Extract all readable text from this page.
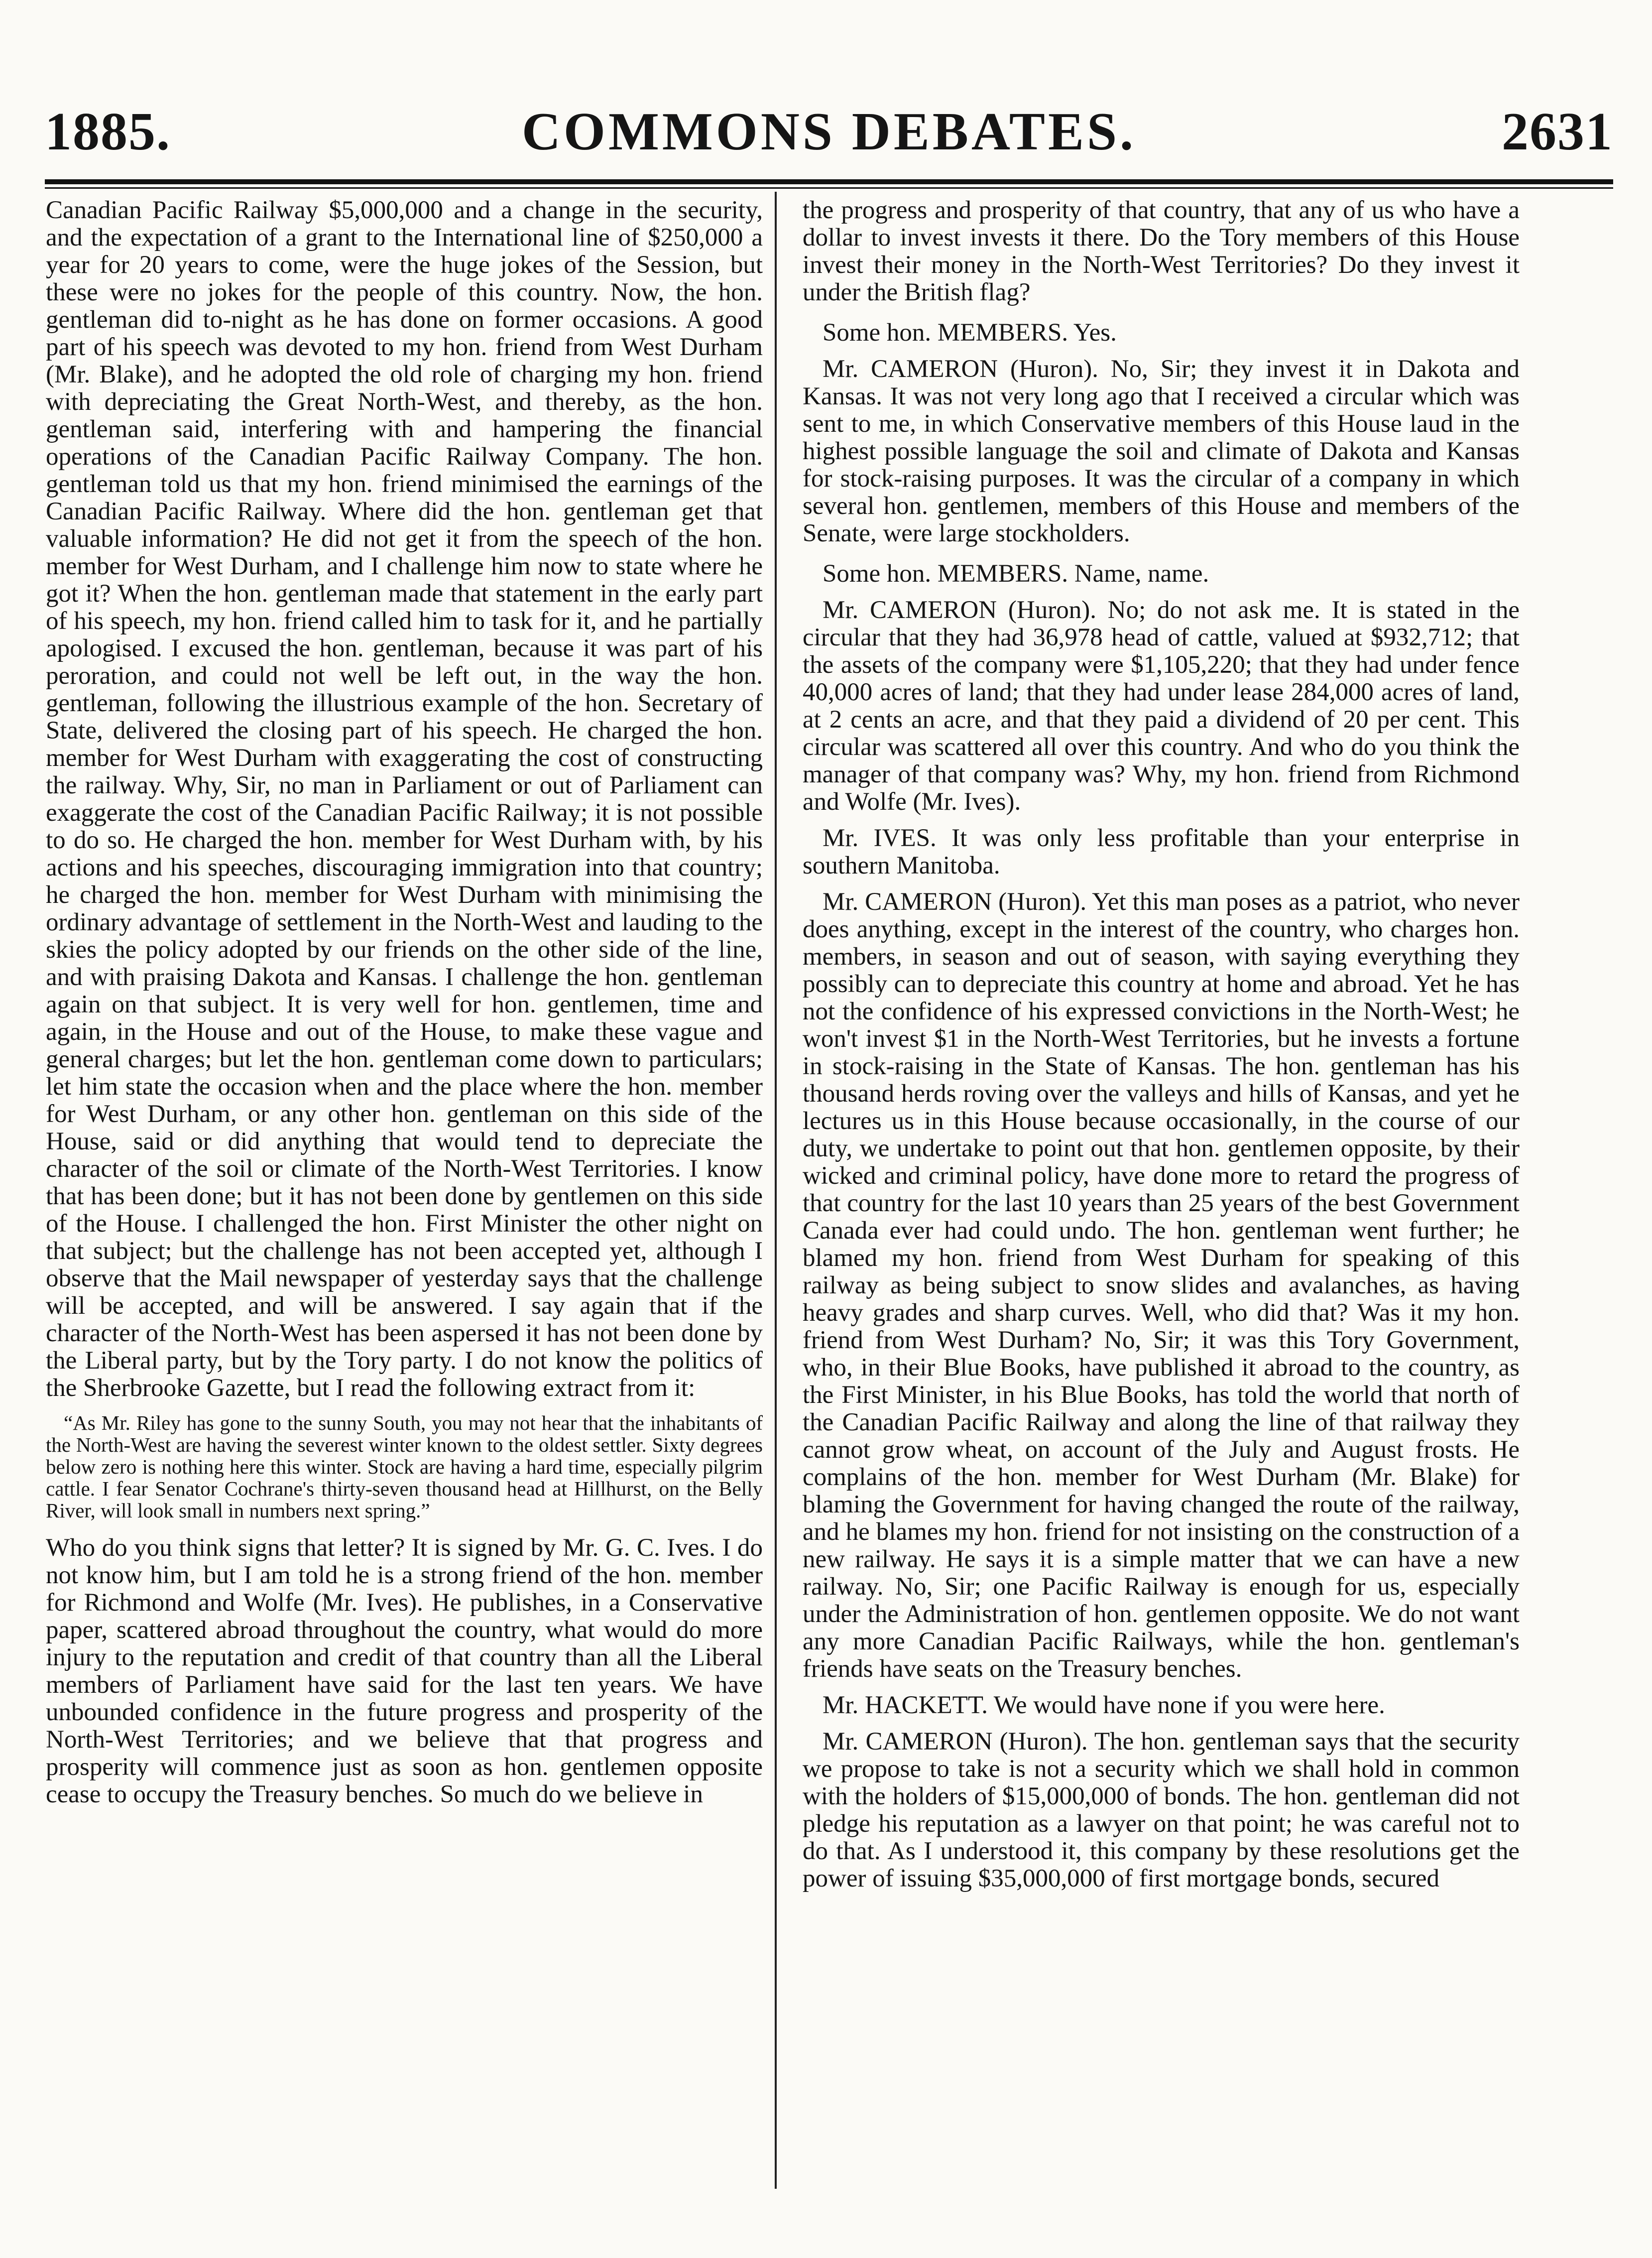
COMMONS DEBATES.
1885.	2631

Canadian Pacific Railway $5,000,000 and a change in the security, and the expectation of a grant to the International line of $250,000 a year for 20 years to come, were the huge jokes of the Session, but these were no jokes for the people of this country. Now, the hon. gentleman did to-night as he has done on former occasions. A good part of his speech was devoted to my hon. friend from West Durham (Mr. Blake), and he adopted the old role of charging my hon. friend with depreciating the Great North-West, and thereby, as the hon. gentleman said, interfering with and hampering the financial operations of the Canadian Pacific Railway Company. The hon. gentleman told us that my hon. friend minimised the earnings of the Canadian Pacific Railway. Where did the hon. gentleman get that valuable information? He did not get it from the speech of the hon. member for West Durham, and I challenge him now to state where he got it? When the hon. gentleman made that statement in the early part of his speech, my hon. friend called him to task for it, and he partially apologised. I excused the hon. gentleman, because it was part of his peroration, and could not well be left out, in the way the hon. gentleman, following the illustrious example of the hon. Secretary of State, delivered the closing part of his speech. He charged the hon. member for West Durham with exaggerating the cost of constructing the railway. Why, Sir, no man in Parliament or out of Parliament can exaggerate the cost of the Canadian Pacific Railway; it is not possible to do so. He charged the hon. member for West Durham with, by his actions and his speeches, discouraging immigration into that country; he charged the hon. member for West Durham with minimising the ordinary advantage of settlement in the North-West and lauding to the skies the policy adopted by our friends on the other side of the line, and with praising Dakota and Kansas. I challenge the hon. gentleman again on that subject. It is very well for hon. gentlemen, time and again, in the House and out of the House, to make these vague and general charges; but let the hon. gentleman come down to particulars; let him state the occasion when and the place where the hon. member for West Durham, or any other hon. gentleman on this side of the House, said or did anything that would tend to depreciate the character of the soil or climate of the North-West Territories. I know that has been done; but it has not been done by gentlemen on this side of the House. I challenged the hon. First Minister the other night on that subject; but the challenge has not been accepted yet, although I observe that the Mail newspaper of yesterday says that the challenge will be accepted, and will be answered. I say again that if the character of the North-West has been aspersed it has not been done by the Liberal party, but by the Tory party. I do not know the politics of the Sherbrooke Gazette, but I read the following extract from it:

“As Mr. Riley has gone to the sunny South, you may not hear that the inhabitants of the North-West are having the severest winter known to the oldest settler. Sixty degrees below zero is nothing here this winter. Stock are having a hard time, especially pilgrim cattle. I fear Senator Cochrane's thirty-seven thousand head at Hillhurst, on the Belly River, will look small in numbers next spring.”

Who do you think signs that letter? It is signed by Mr. G. C. Ives. I do not know him, but I am told he is a strong friend of the hon. member for Richmond and Wolfe (Mr. Ives). He publishes, in a Conservative paper, scattered abroad throughout the country, what would do more injury to the reputation and credit of that country than all the Liberal members of Parliament have said for the last ten years. We have unbounded confidence in the future progress and prosperity of the North-West Territories; and we believe that that progress and prosperity will commence just as soon as hon. gentlemen opposite cease to occupy the Treasury benches. So much do we believe in

the progress and prosperity of that country, that any of us who have a dollar to invest invests it there. Do the Tory members of this House invest their money in the North-West Territories? Do they invest it under the British flag?

Some hon. MEMBERS. Yes.

Mr. CAMERON (Huron). No, Sir; they invest it in Dakota and Kansas. It was not very long ago that I received a circular which was sent to me, in which Conservative members of this House laud in the highest possible language the soil and climate of Dakota and Kansas for stock-raising purposes. It was the circular of a company in which several hon. gentlemen, members of this House and members of the Senate, were large stockholders.

Some hon. MEMBERS. Name, name.

Mr. CAMERON (Huron). No; do not ask me. It is stated in the circular that they had 36,978 head of cattle, valued at $932,712; that the assets of the company were $1,105,220; that they had under fence 40,000 acres of land; that they had under lease 284,000 acres of land, at 2 cents an acre, and that they paid a dividend of 20 per cent. This circular was scattered all over this country. And who do you think the manager of that company was? Why, my hon. friend from Richmond and Wolfe (Mr. Ives).

Mr. IVES. It was only less profitable than your enterprise in southern Manitoba.

Mr. CAMERON (Huron). Yet this man poses as a patriot, who never does anything, except in the interest of the country, who charges hon. members, in season and out of season, with saying everything they possibly can to depreciate this country at home and abroad. Yet he has not the confidence of his expressed convictions in the North-West; he won't invest $1 in the North-West Territories, but he invests a fortune in stock-raising in the State of Kansas. The hon. gentleman has his thousand herds roving over the valleys and hills of Kansas, and yet he lectures us in this House because occasionally, in the course of our duty, we undertake to point out that hon. gentlemen opposite, by their wicked and criminal policy, have done more to retard the progress of that country for the last 10 years than 25 years of the best Government Canada ever had could undo. The hon. gentleman went further; he blamed my hon. friend from West Durham for speaking of this railway as being subject to snow slides and avalanches, as having heavy grades and sharp curves. Well, who did that? Was it my hon. friend from West Durham? No, Sir; it was this Tory Government, who, in their Blue Books, have published it abroad to the country, as the First Minister, in his Blue Books, has told the world that north of the Canadian Pacific Railway and along the line of that railway they cannot grow wheat, on account of the July and August frosts. He complains of the hon. member for West Durham (Mr. Blake) for blaming the Government for having changed the route of the railway, and he blames my hon. friend for not insisting on the construction of a new railway. He says it is a simple matter that we can have a new railway. No, Sir; one Pacific Railway is enough for us, especially under the Administration of hon. gentlemen opposite. We do not want any more Canadian Pacific Railways, while the hon. gentleman's friends have seats on the Treasury benches.

Mr. HACKETT. We would have none if you were here.

Mr. CAMERON (Huron). The hon. gentleman says that the security we propose to take is not a security which we shall hold in common with the holders of $15,000,000 of bonds. The hon. gentleman did not pledge his reputation as a lawyer on that point; he was careful not to do that. As I understood it, this company by these resolutions get the power of issuing $35,000,000 of first mortgage bonds, secured
